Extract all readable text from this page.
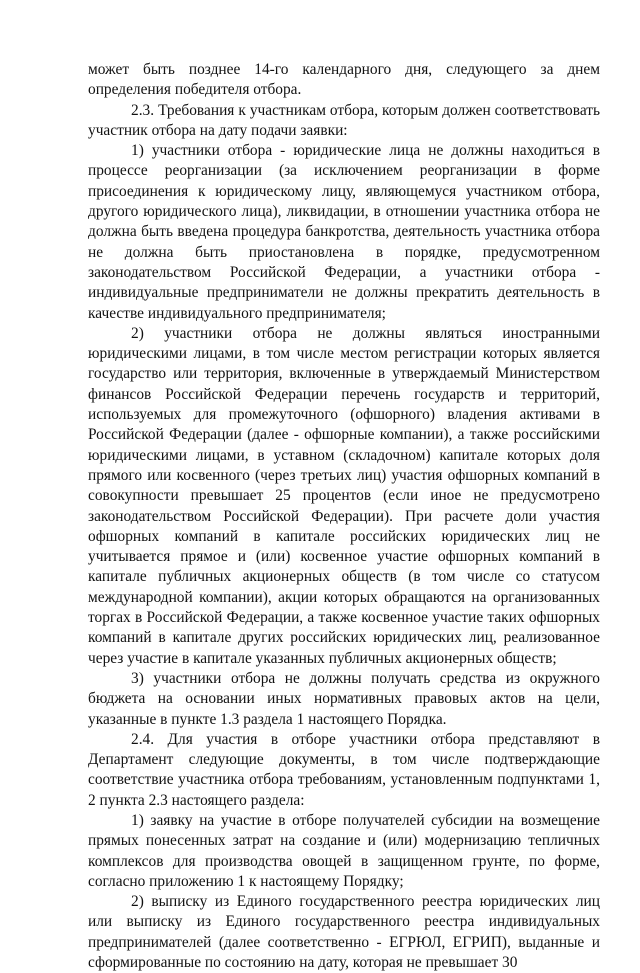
может быть позднее 14-го календарного дня, следующего за днем определения победителя отбора.

2.3. Требования к участникам отбора, которым должен соответствовать участник отбора на дату подачи заявки:

1) участники отбора - юридические лица не должны находиться в процессе реорганизации (за исключением реорганизации в форме присоединения к юридическому лицу, являющемуся участником отбора, другого юридического лица), ликвидации, в отношении участника отбора не должна быть введена процедура банкротства, деятельность участника отбора не должна быть приостановлена в порядке, предусмотренном законодательством Российской Федерации, а участники отбора - индивидуальные предприниматели не должны прекратить деятельность в качестве индивидуального предпринимателя;

2) участники отбора не должны являться иностранными юридическими лицами, в том числе местом регистрации которых является государство или территория, включенные в утверждаемый Министерством финансов Российской Федерации перечень государств и территорий, используемых для промежуточного (офшорного) владения активами в Российской Федерации (далее - офшорные компании), а также российскими юридическими лицами, в уставном (складочном) капитале которых доля прямого или косвенного (через третьих лиц) участия офшорных компаний в совокупности превышает 25 процентов (если иное не предусмотрено законодательством Российской Федерации). При расчете доли участия офшорных компаний в капитале российских юридических лиц не учитывается прямое и (или) косвенное участие офшорных компаний в капитале публичных акционерных обществ (в том числе со статусом международной компании), акции которых обращаются на организованных торгах в Российской Федерации, а также косвенное участие таких офшорных компаний в капитале других российских юридических лиц, реализованное через участие в капитале указанных публичных акционерных обществ;

3) участники отбора не должны получать средства из окружного бюджета на основании иных нормативных правовых актов на цели, указанные в пункте 1.3 раздела 1 настоящего Порядка.

2.4. Для участия в отборе участники отбора представляют в Департамент следующие документы, в том числе подтверждающие соответствие участника отбора требованиям, установленным подпунктами 1, 2 пункта 2.3 настоящего раздела:

1) заявку на участие в отборе получателей субсидии на возмещение прямых понесенных затрат на создание и (или) модернизацию тепличных комплексов для производства овощей в защищенном грунте, по форме, согласно приложению 1 к настоящему Порядку;

2) выписку из Единого государственного реестра юридических лиц или выписку из Единого государственного реестра индивидуальных предпринимателей (далее соответственно - ЕГРЮЛ, ЕГРИП), выданные и сформированные по состоянию на дату, которая не превышает 30
